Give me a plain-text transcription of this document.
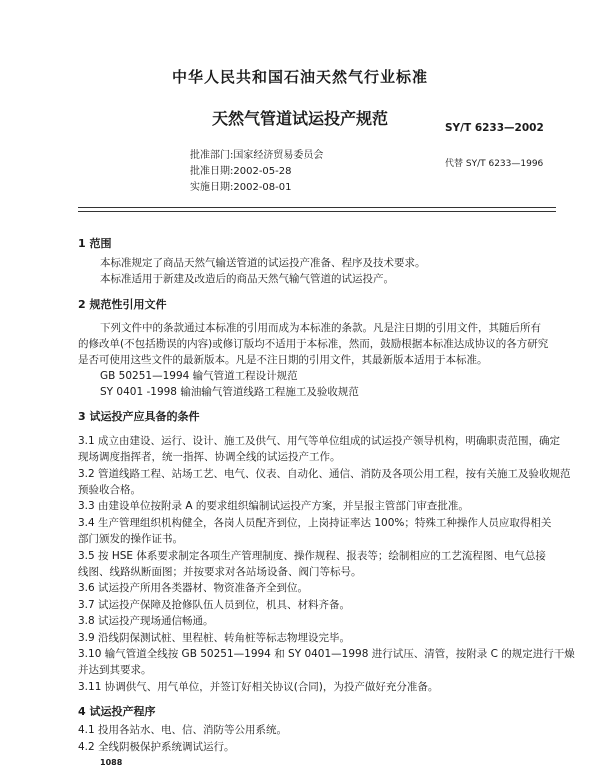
中华人民共和国石油天然气行业标准
天然气管道试运投产规范	SY/T 6233—2002
批准部门:国家经济贸易委员会
批准日期:2002-05-28
实施日期:2002-08-01
代替 SY/T 6233—1996
1 范围
本标准规定了商品天然气输送管道的试运投产准备、程序及技术要求。
本标准适用于新建及改造后的商品天然气输气管道的试运投产。
2 规范性引用文件
下列文件中的条款通过本标准的引用而成为本标准的条款。凡是注日期的引用文件，其随后所有
的修改单(不包括勘误的内容)或修订版均不适用于本标准，然而，鼓励根据本标准达成协议的各方研究
是否可使用这些文件的最新版本。凡是不注日期的引用文件，其最新版本适用于本标准。
GB 50251—1994 输气管道工程设计规范
SY 0401 -1998 输油输气管道线路工程施工及验收规范
3 试运投产应具备的条件
3.1 成立由建设、运行、设计、施工及供气、用气等单位组成的试运投产领导机构，明确职责范围，确定
现场调度指挥者，统一指挥、协调全线的试运投产工作。
3.2 管道线路工程、站场工艺、电气、仪表、自动化、通信、消防及各项公用工程，按有关施工及验收规范
预验收合格。
3.3 由建设单位按附录 A 的要求组织编制试运投产方案，并呈报主管部门审查批准。
3.4 生产管理组织机构健全，各岗人员配齐到位，上岗持证率达 100%；特殊工种操作人员应取得相关
部门颁发的操作证书。
3.5 按 HSE 体系要求制定各项生产管理制度、操作规程、报表等；绘制相应的工艺流程图、电气总接
线图、线路纵断面图；并按要求对各站场设备、阀门等标号。
3.6 试运投产所用各类器材、物资准备齐全到位。
3.7 试运投产保障及抢修队伍人员到位，机具、材料齐备。
3.8 试运投产现场通信畅通。
3.9 沿线阴保测试桩、里程桩、转角桩等标志物埋设完毕。
3.10 输气管道全线按 GB 50251—1994 和 SY 0401—1998 进行试压、清管，按附录 C 的规定进行干燥
并达到其要求。
3.11 协调供气、用气单位，并签订好相关协议(合同)，为投产做好充分准备。
4 试运投产程序
4.1 投用各站水、电、信、消防等公用系统。
4.2 全线阴极保护系统调试运行。
1088
